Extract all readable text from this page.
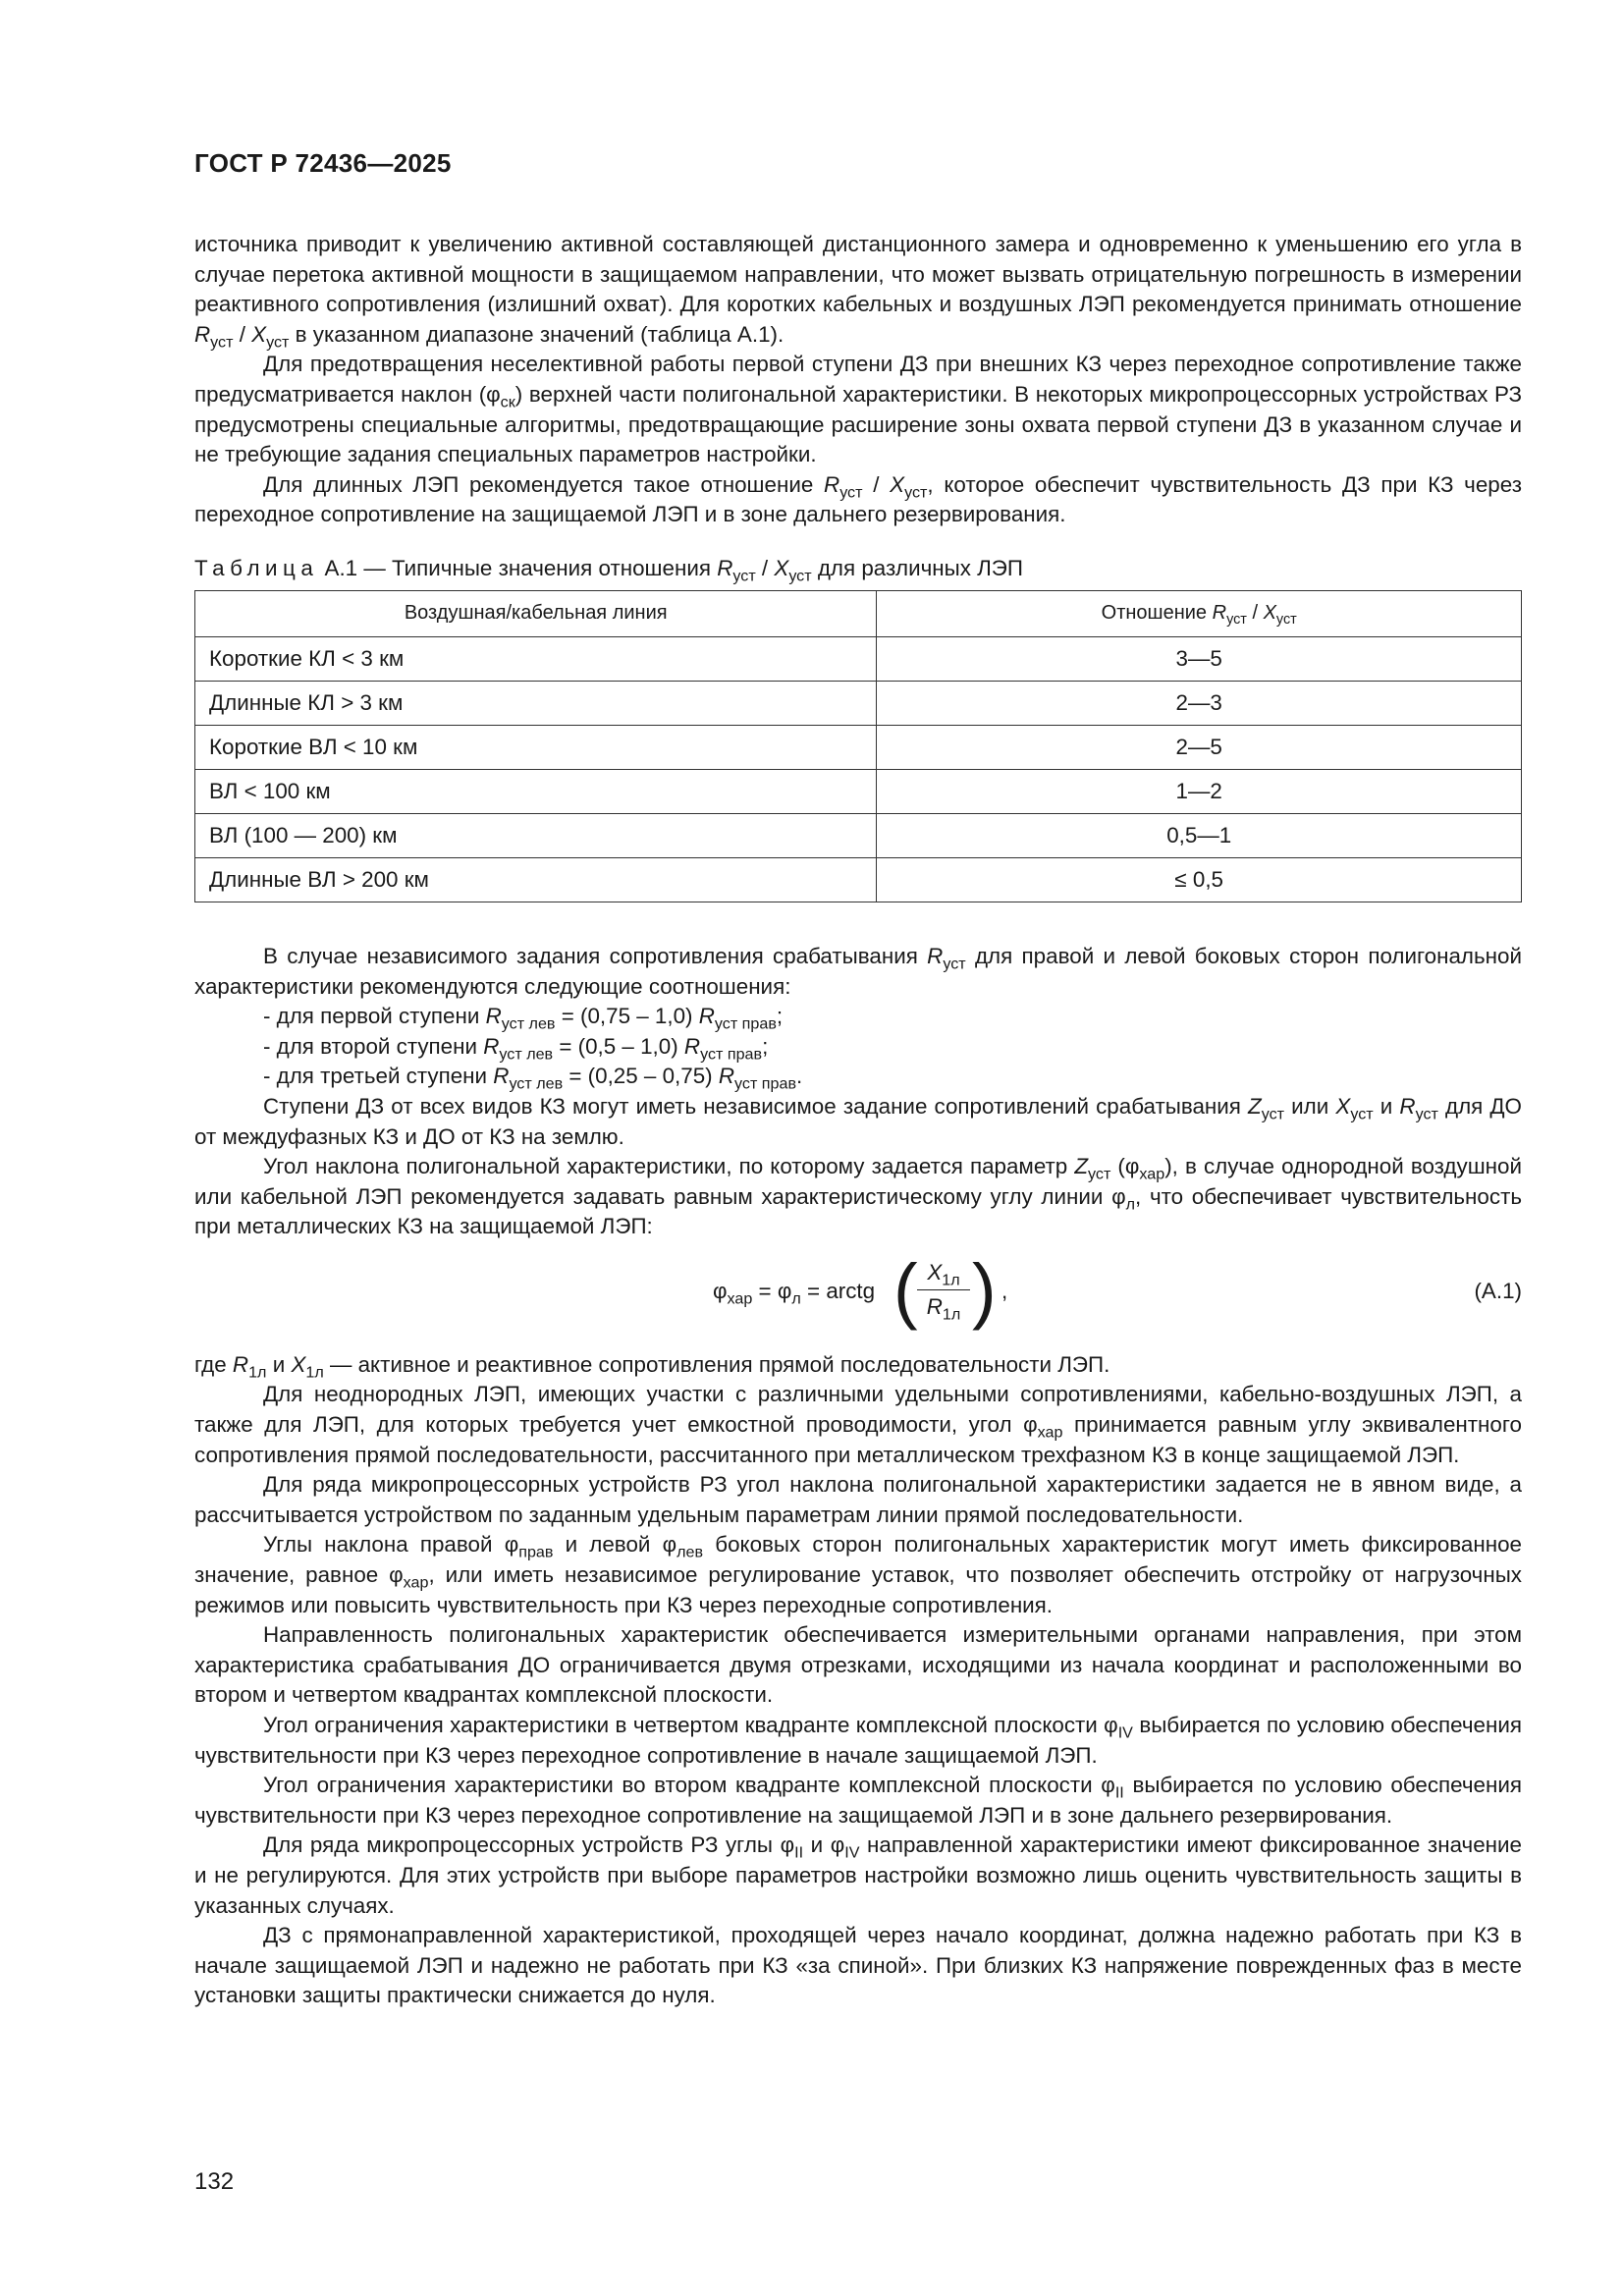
ГОСТ Р 72436—2025

источника приводит к увеличению активной составляющей дистанционного замера и одновременно к уменьшению его угла в случае перетока активной мощности в защищаемом направлении, что может вызвать отрицательную погрешность в измерении реактивного сопротивления (излишний охват). Для коротких кабельных и воздушных ЛЭП рекомендуется принимать отношение $R_{уст} / X_{уст}$ в указанном диапазоне значений (таблица А.1).

Для предотвращения неселективной работы первой ступени ДЗ при внешних КЗ через переходное сопротивление также предусматривается наклон $(\varphi_{ск})$ верхней части полигональной характеристики. В некоторых микропроцессорных устройствах РЗ предусмотрены специальные алгоритмы, предотвращающие расширение зоны охвата первой ступени ДЗ в указанном случае и не требующие задания специальных параметров настройки.

Для длинных ЛЭП рекомендуется такое отношение $R_{уст} / X_{уст}$, которое обеспечит чувствительность ДЗ при КЗ через переходное сопротивление на защищаемой ЛЭП и в зоне дальнего резервирования.

Таблица А.1 — Типичные значения отношения $R_{уст} / X_{уст}$ для различных ЛЭП
Воздушная/кабельная линия	Отношение $R_{уст} / X_{уст}$
Короткие КЛ < 3 км	3—5
Длинные КЛ > 3 км	2—3
Короткие ВЛ < 10 км	2—5
ВЛ < 100 км	1—2
ВЛ (100 — 200) км	0,5—1
Длинные ВЛ > 200 км	≤ 0,5

В случае независимого задания сопротивления срабатывания $R_{уст}$ для правой и левой боковых сторон полигональной характеристики рекомендуются следующие соотношения:

- для первой ступени $R_{уст лев} = (0,75 - 1,0)$ $R_{уст прав}$;

- для второй ступени $R_{уст лев} = (0,5 - 1,0)$ $R_{уст прав}$;

- для третьей ступени $R_{уст лев} = (0,25 - 0,75)$ $R_{уст прав}$.

Ступени ДЗ от всех видов КЗ могут иметь независимое задание сопротивлений срабатывания $Z_{уст}$ или $X_{уст}$ и $R_{уст}$ для ДО от междуфазных КЗ и ДО от КЗ на землю.

Угол наклона полигональной характеристики, по которому задается параметр $Z_{уст}$ $(\varphi_{хар})$, в случае однородной воздушной или кабельной ЛЭП рекомендуется задавать равным характеристическому углу линии $\varphi_л$, что обеспечивает чувствительность при металлических КЗ на защищаемой ЛЭП:

$\varphi_{хар} = \varphi_л$ = arctg ( $X_{1л}$
$R_{1л}$ ) ,	(А.1)

где $R_{1л}$ и $X_{1л}$ — активное и реактивное сопротивления прямой последовательности ЛЭП.

Для неоднородных ЛЭП, имеющих участки с различными удельными сопротивлениями, кабельно-воздушных ЛЭП, а также для ЛЭП, для которых требуется учет емкостной проводимости, угол $\varphi_{хар}$ принимается равным углу эквивалентного сопротивления прямой последовательности, рассчитанного при металлическом трехфазном КЗ в конце защищаемой ЛЭП.

Для ряда микропроцессорных устройств РЗ угол наклона полигональной характеристики задается не в явном виде, а рассчитывается устройством по заданным удельным параметрам линии прямой последовательности.

Углы наклона правой $\varphi_{прав}$ и левой $\varphi_{лев}$ боковых сторон полигональных характеристик могут иметь фиксированное значение, равное $\varphi_{хар}$, или иметь независимое регулирование уставок, что позволяет обеспечить отстройку от нагрузочных режимов или повысить чувствительность при КЗ через переходные сопротивления.

Направленность полигональных характеристик обеспечивается измерительными органами направления, при этом характеристика срабатывания ДО ограничивается двумя отрезками, исходящими из начала координат и расположенными во втором и четвертом квадрантах комплексной плоскости.

Угол ограничения характеристики в четвертом квадранте комплексной плоскости $\varphi_{IV}$ выбирается по условию обеспечения чувствительности при КЗ через переходное сопротивление в начале защищаемой ЛЭП.

Угол ограничения характеристики во втором квадранте комплексной плоскости $\varphi_{II}$ выбирается по условию обеспечения чувствительности при КЗ через переходное сопротивление на защищаемой ЛЭП и в зоне дальнего резервирования.

Для ряда микропроцессорных устройств РЗ углы $\varphi_{II}$ и $\varphi_{IV}$ направленной характеристики имеют фиксированное значение и не регулируются. Для этих устройств при выборе параметров настройки возможно лишь оценить чувствительность защиты в указанных случаях.

ДЗ с прямонаправленной характеристикой, проходящей через начало координат, должна надежно работать при КЗ в начале защищаемой ЛЭП и надежно не работать при КЗ «за спиной». При близких КЗ напряжение поврежденных фаз в месте установки защиты практически снижается до нуля.

132
